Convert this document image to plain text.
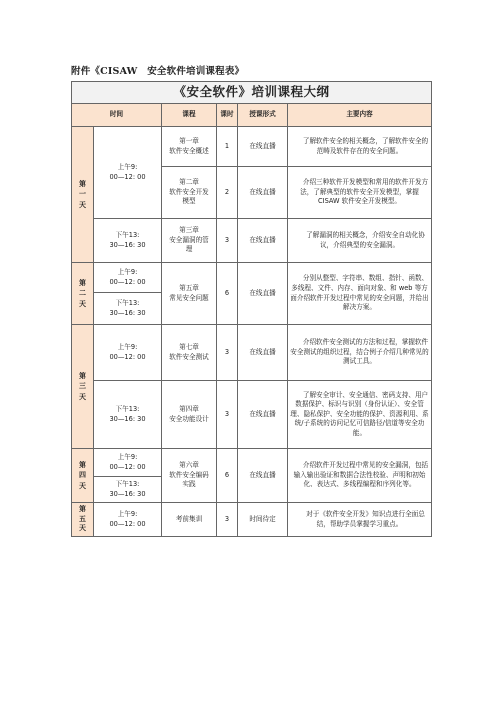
附件《CISAW　安全软件培训课程表》
《安全软件》培训课程大纲					
时间		课程	课时	授课形式	主要内容

第
一
天	上午9:
00—12: 00	第一章
软件安全概述	1	在线直播	了解软件安全的相关概念，了解软件安全的范畴及软件存在的安全问题。
		第二章
软件安全开发
模型	2	在线直播	介绍三种软件开发模型和常用的软件开发方法，了解典型的软件安全开发模型，掌握 CISAW 软件安全开发模型。
	下午13:
30—16: 30	第三章
安全漏洞的管
理	3	在线直播	了解漏洞的相关概念，介绍安全自动化协议，介绍典型的安全漏洞。

第
二
天	上午9:
00—12: 00	第五章
常见安全问题	6	在线直播	分别从整型、字符串、数组、指针、函数、多线程、文件、内存、面向对象、和 web 等方面介绍软件开发过程中常见的安全问题，并给出解决方案。
	下午13:
30—16: 30				

第
三
天	上午9:
00—12: 00	第七章
软件安全测试	3	在线直播	介绍软件安全测试的方法和过程，掌握软件安全测试的组织过程，结合例子介绍几种常见的测试工具。
	下午13:
30—16: 30	第四章
安全功能设计	3	在线直播	了解安全审计、安全通信、密码支持、用户数据保护、标识与识别（身份认证）、安全管理、隐私保护、安全功能的保护、资源利用、系统/子系统的访问记忆可信路径/信道等安全功能。

第
四
天	上午9:
00—12: 00	第六章
软件安全编码
实践	6	在线直播	介绍软件开发过程中常见的安全漏洞，包括输入输出验证和数据合法性校验、声明和初始化、表达式、多线程编程和序列化等。
	下午13:
30—16: 30				

第
五
天	上午9:
00—12: 00	考前集训	3	时间待定	对于《软件安全开发》知识点进行全面总结，帮助学员掌握学习重点。
